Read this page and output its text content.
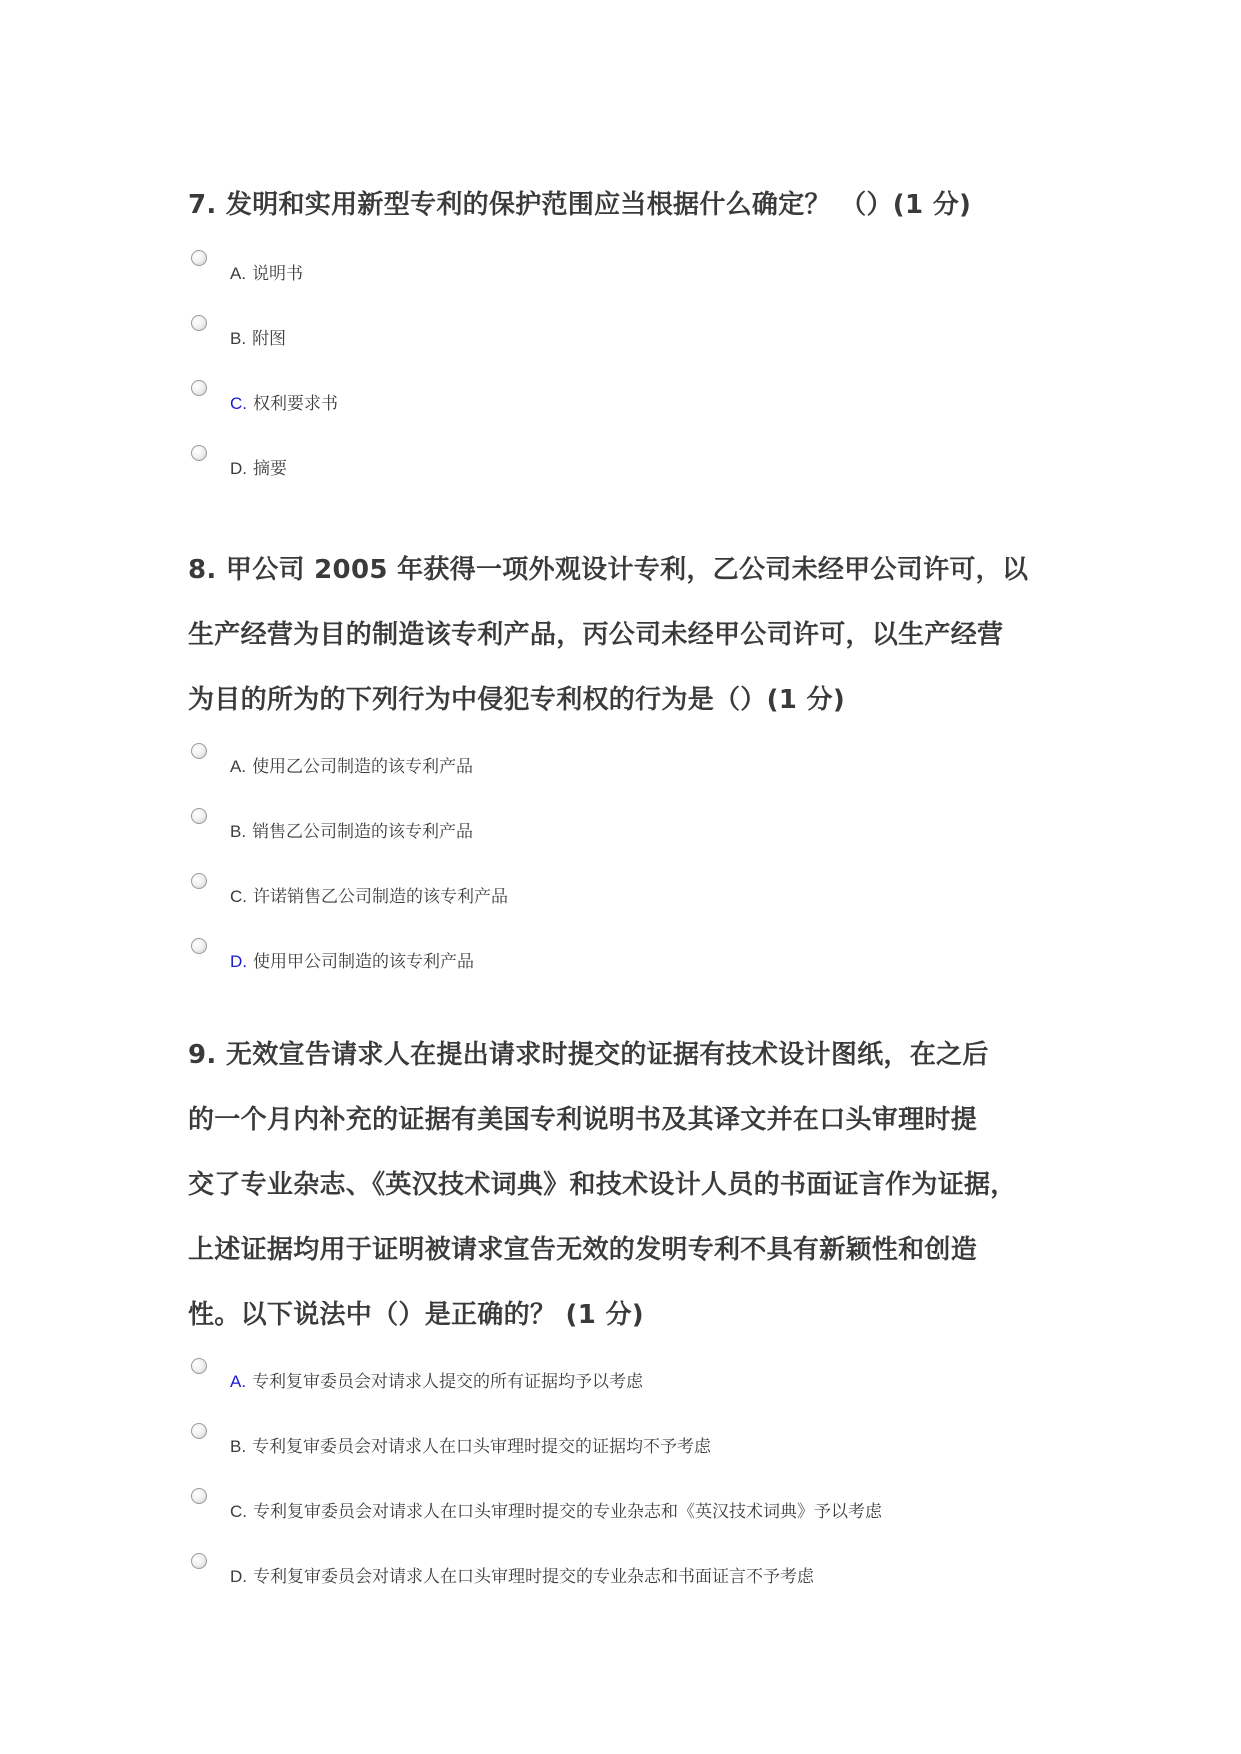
7. 发明和实用新型专利的保护范围应当根据什么确定？ （）(1 分)

A. 说明书
B. 附图
C. 权利要求书
D. 摘要

8. 甲公司 2005 年获得一项外观设计专利，乙公司未经甲公司许可，以
生产经营为目的制造该专利产品，丙公司未经甲公司许可，以生产经营
为目的所为的下列行为中侵犯专利权的行为是（）(1 分)

A. 使用乙公司制造的该专利产品
B. 销售乙公司制造的该专利产品
C. 许诺销售乙公司制造的该专利产品
D. 使用甲公司制造的该专利产品

9. 无效宣告请求人在提出请求时提交的证据有技术设计图纸，在之后
的一个月内补充的证据有美国专利说明书及其译文并在口头审理时提
交了专业杂志、《英汉技术词典》和技术设计人员的书面证言作为证据，
上述证据均用于证明被请求宣告无效的发明专利不具有新颖性和创造
性。以下说法中（）是正确的？ (1 分)

A. 专利复审委员会对请求人提交的所有证据均予以考虑
B. 专利复审委员会对请求人在口头审理时提交的证据均不予考虑
C. 专利复审委员会对请求人在口头审理时提交的专业杂志和《英汉技术词典》予以考虑
D. 专利复审委员会对请求人在口头审理时提交的专业杂志和书面证言不予考虑
